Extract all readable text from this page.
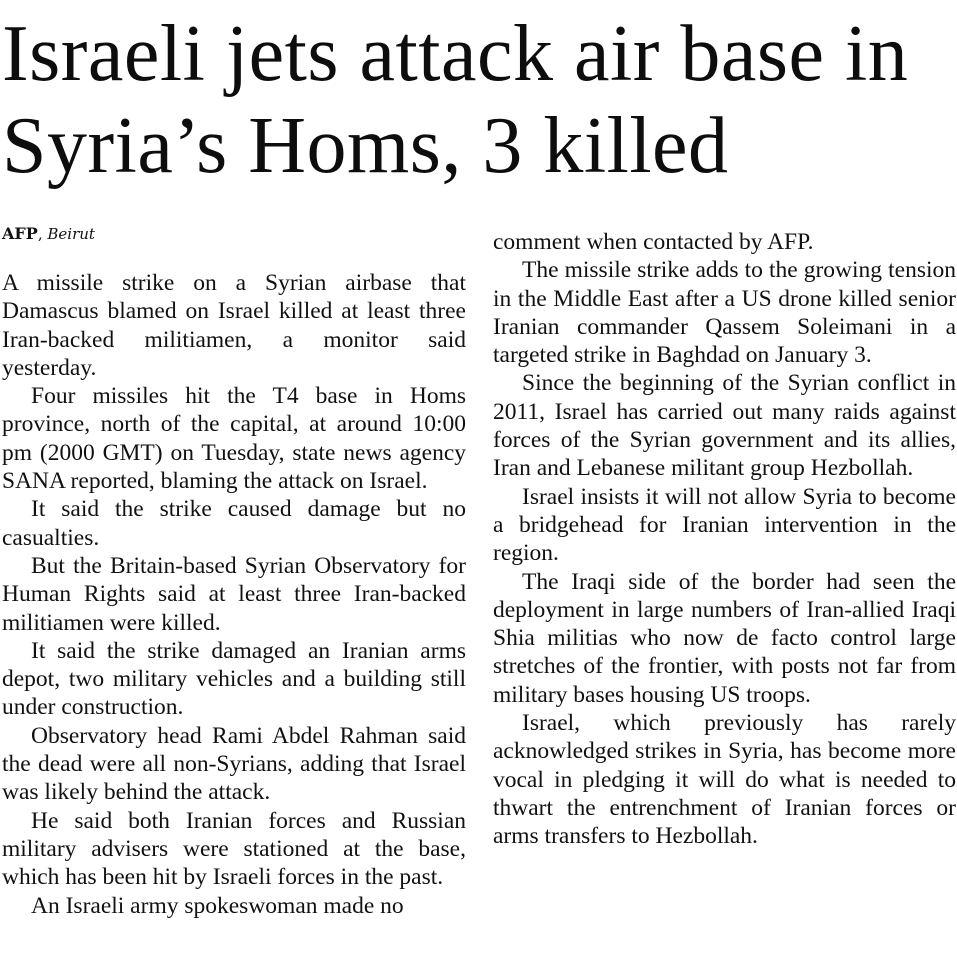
Israeli jets attack air base in Syria’s Homs, 3 killed
AFP, Beirut

A missile strike on a Syrian airbase that Damascus blamed on Israel killed at least three Iran-backed militiamen, a monitor said yesterday.

Four missiles hit the T4 base in Homs province, north of the capital, at around 10:00 pm (2000 GMT) on Tuesday, state news agency SANA reported, blaming the attack on Israel.

It said the strike caused damage but no casualties.

But the Britain-based Syrian Observatory for Human Rights said at least three Iran-backed militiamen were killed.

It said the strike damaged an Iranian arms depot, two military vehicles and a building still under construction.

Observatory head Rami Abdel Rahman said the dead were all non-Syrians, adding that Israel was likely behind the attack.

He said both Iranian forces and Russian military advisers were stationed at the base, which has been hit by Israeli forces in the past.

An Israeli army spokeswoman made no

comment when contacted by AFP.

The missile strike adds to the growing tension in the Middle East after a US drone killed senior Iranian commander Qassem Soleimani in a targeted strike in Baghdad on January 3.

Since the beginning of the Syrian conflict in 2011, Israel has carried out many raids against forces of the Syrian government and its allies, Iran and Lebanese militant group Hezbollah.

Israel insists it will not allow Syria to become a bridgehead for Iranian intervention in the region.

The Iraqi side of the border had seen the deployment in large numbers of Iran-allied Iraqi Shia militias who now de facto control large stretches of the frontier, with posts not far from military bases housing US troops.

Israel, which previously has rarely acknowledged strikes in Syria, has become more vocal in pledging it will do what is needed to thwart the entrenchment of Iranian forces or arms transfers to Hezbollah.
